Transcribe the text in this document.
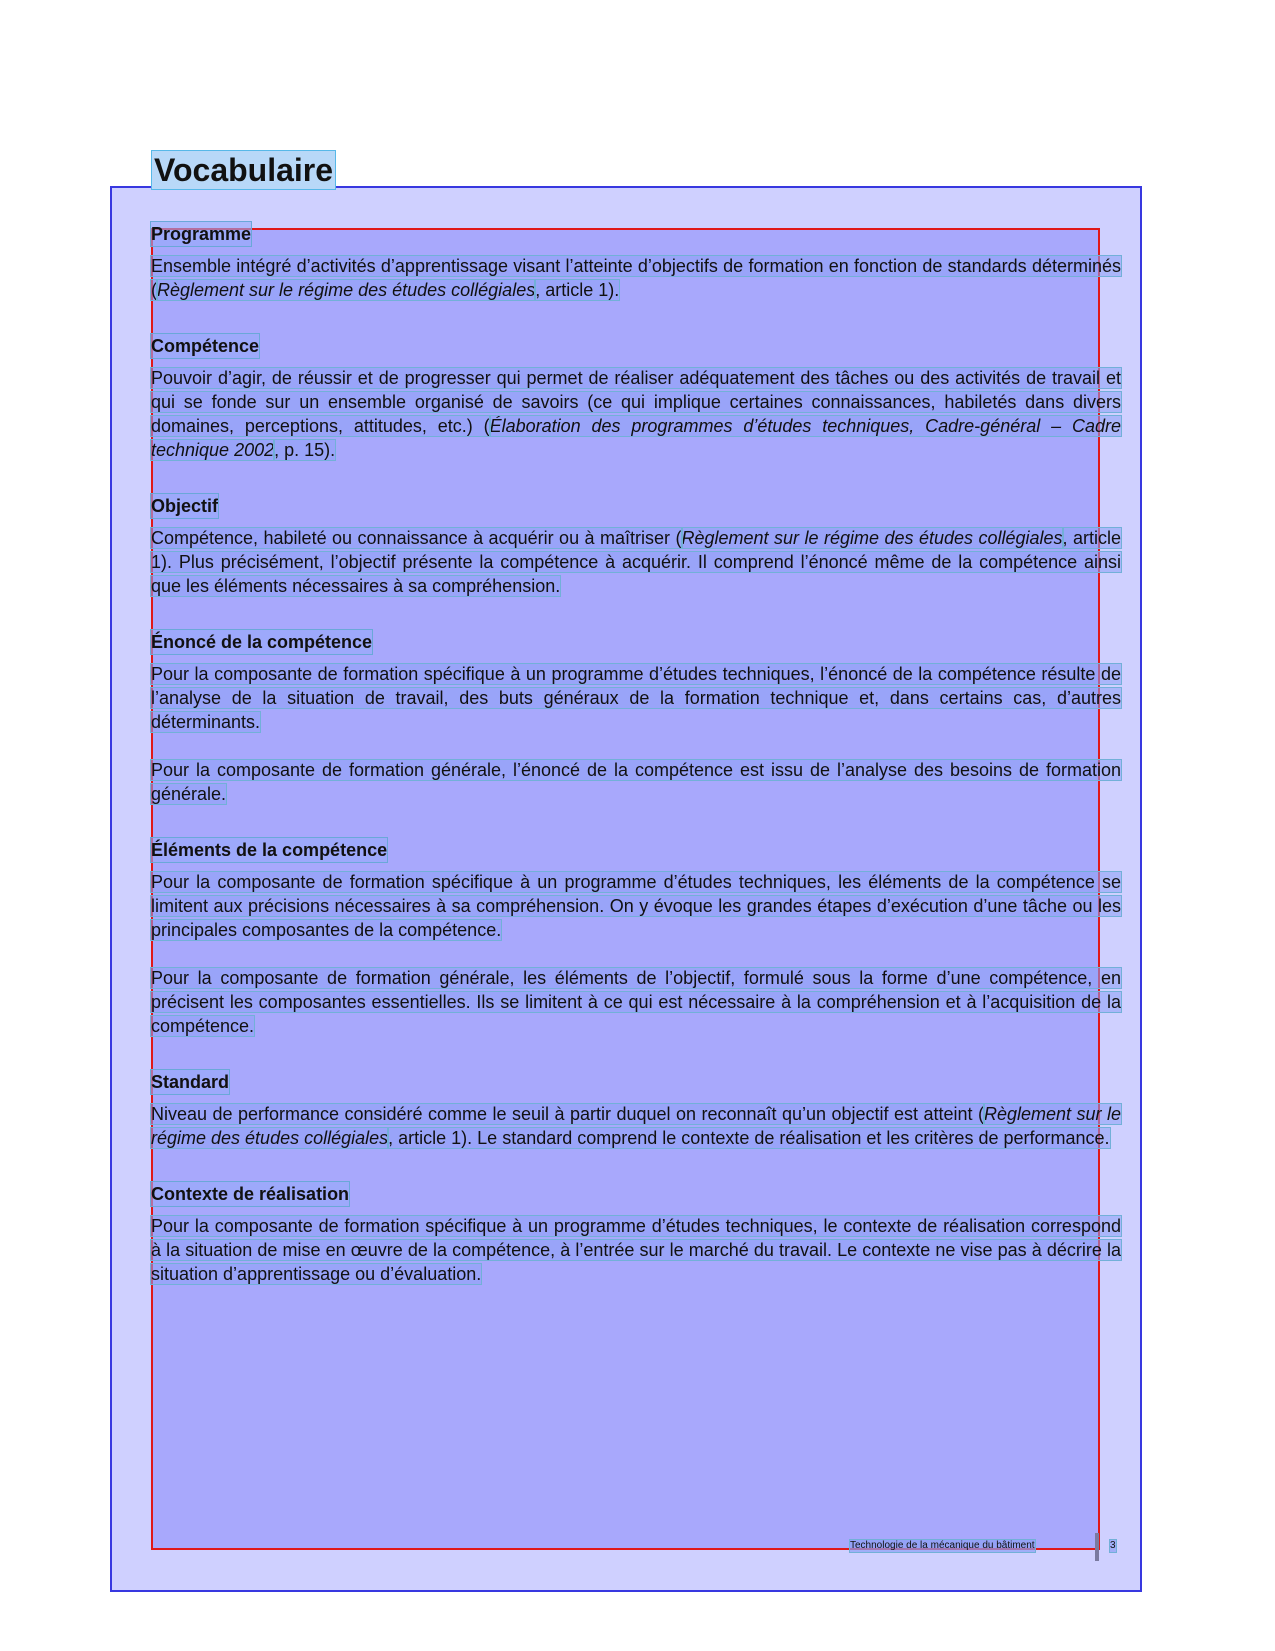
Vocabulaire
Programme

Ensemble intégré d’activités d’apprentissage visant l’atteinte d’objectifs de formation en fonction de standards déterminés (Règlement sur le régime des études collégiales, article 1).

Compétence

Pouvoir d’agir, de réussir et de progresser qui permet de réaliser adéquatement des tâches ou des activités de travail et qui se fonde sur un ensemble organisé de savoirs (ce qui implique certaines connaissances, habiletés dans divers domaines, perceptions, attitudes, etc.) (Élaboration des programmes d’études techniques, Cadre-général – Cadre technique 2002, p. 15).

Objectif

Compétence, habileté ou connaissance à acquérir ou à maîtriser (Règlement sur le régime des études collégiales, article 1). Plus précisément, l’objectif présente la compétence à acquérir. Il comprend l’énoncé même de la compétence ainsi que les éléments nécessaires à sa compréhension.

Énoncé de la compétence

Pour la composante de formation spécifique à un programme d’études techniques, l’énoncé de la compétence résulte de l’analyse de la situation de travail, des buts généraux de la formation technique et, dans certains cas, d’autres déterminants.

Pour la composante de formation générale, l’énoncé de la compétence est issu de l’analyse des besoins de formation générale.

Éléments de la compétence

Pour la composante de formation spécifique à un programme d’études techniques, les éléments de la compétence se limitent aux précisions nécessaires à sa compréhension. On y évoque les grandes étapes d’exécution d’une tâche ou les principales composantes de la compétence.

Pour la composante de formation générale, les éléments de l’objectif, formulé sous la forme d’une compétence, en précisent les composantes essentielles. Ils se limitent à ce qui est nécessaire à la compréhension et à l’acquisition de la compétence.

Standard

Niveau de performance considéré comme le seuil à partir duquel on reconnaît qu’un objectif est atteint (Règlement sur le régime des études collégiales, article 1). Le standard comprend le contexte de réalisation et les critères de performance.

Contexte de réalisation

Pour la composante de formation spécifique à un programme d’études techniques, le contexte de réalisation correspond à la situation de mise en œuvre de la compétence, à l’entrée sur le marché du travail. Le contexte ne vise pas à décrire la situation d’apprentissage ou d’évaluation.

Technologie de la mécanique du bâtiment	3
